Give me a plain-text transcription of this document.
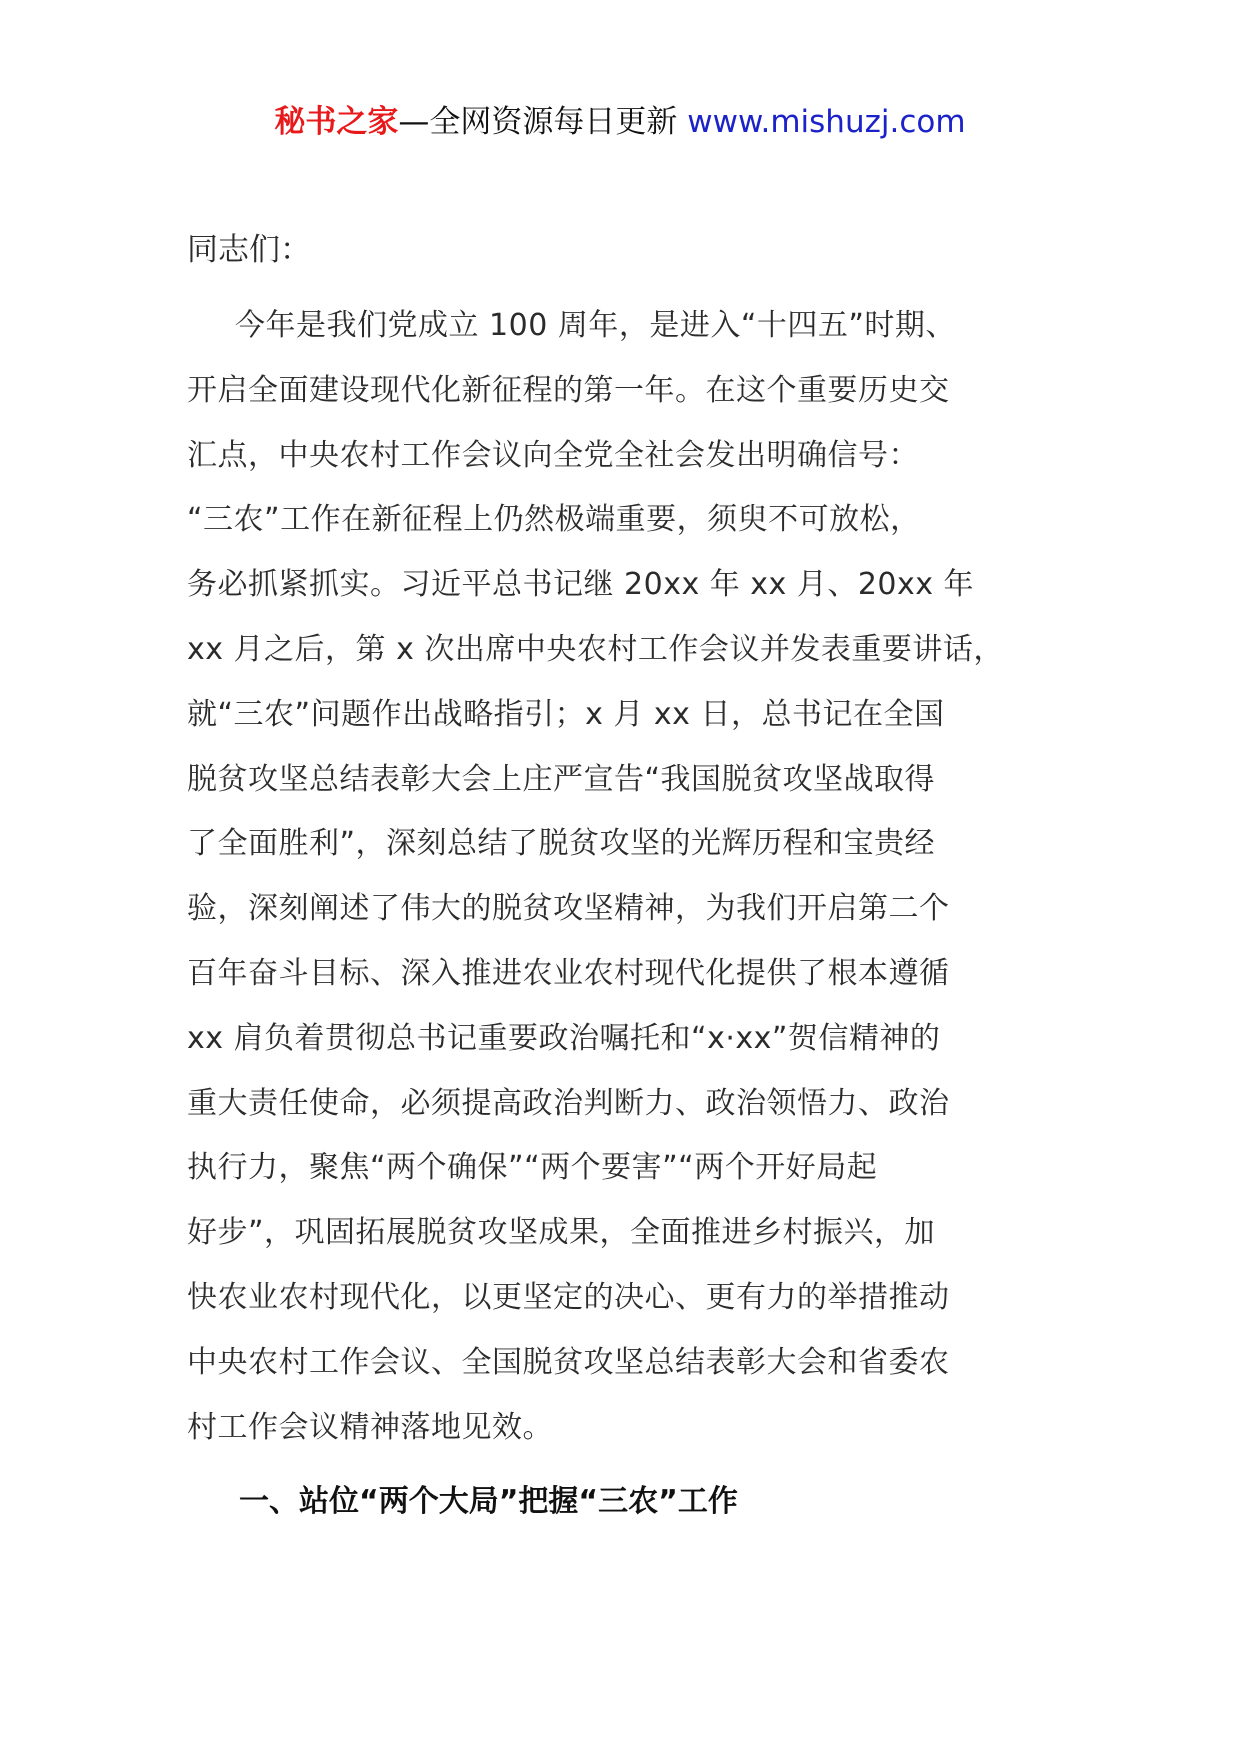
秘书之家—全网资源每日更新 www.mishuzj.com
同志们：
今年是我们党成立 100 周年，是进入“十四五”时期、
开启全面建设现代化新征程的第一年。在这个重要历史交
汇点，中央农村工作会议向全党全社会发出明确信号：
“三农”工作在新征程上仍然极端重要，须臾不可放松，
务必抓紧抓实。习近平总书记继 20xx 年 xx 月、20xx 年
xx 月之后，第 x 次出席中央农村工作会议并发表重要讲话，
就“三农”问题作出战略指引；x 月 xx 日，总书记在全国
脱贫攻坚总结表彰大会上庄严宣告“我国脱贫攻坚战取得
了全面胜利”，深刻总结了脱贫攻坚的光辉历程和宝贵经
验，深刻阐述了伟大的脱贫攻坚精神，为我们开启第二个
百年奋斗目标、深入推进农业农村现代化提供了根本遵循
xx 肩负着贯彻总书记重要政治嘱托和“x·xx”贺信精神的
重大责任使命，必须提高政治判断力、政治领悟力、政治
执行力，聚焦“两个确保”“两个要害”“两个开好局起
好步”，巩固拓展脱贫攻坚成果，全面推进乡村振兴，加
快农业农村现代化，以更坚定的决心、更有力的举措推动
中央农村工作会议、全国脱贫攻坚总结表彰大会和省委农
村工作会议精神落地见效。
一、站位“两个大局”把握“三农”工作
